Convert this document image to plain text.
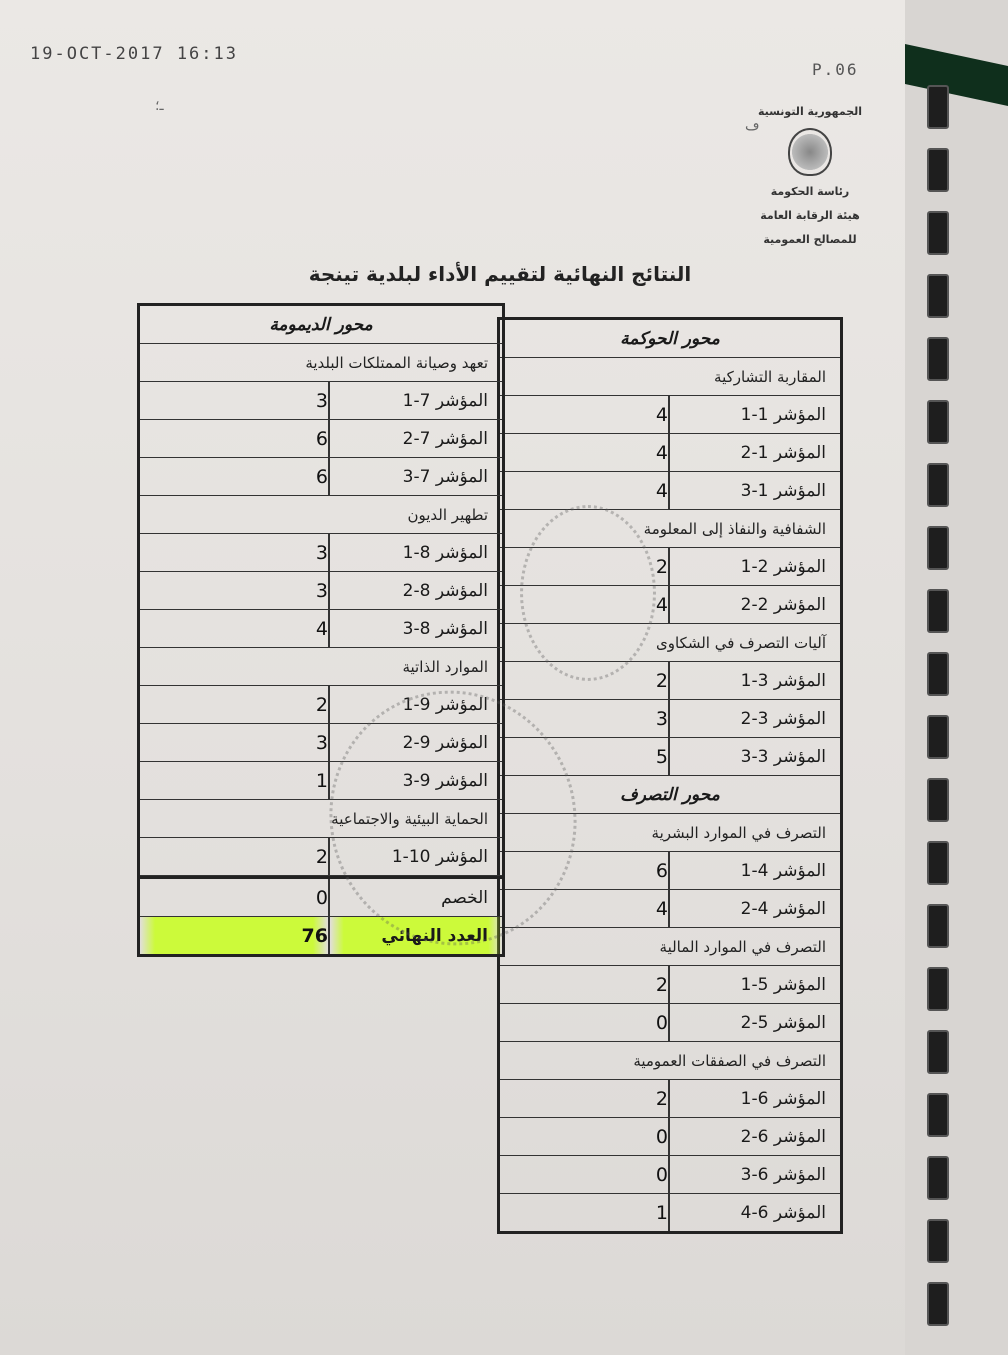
19-OCT-2017 16:13
P.06
ـ؛
ڡ
الجمهورية التونسية
رئاسة الحكومة
هيئة الرقابة العامة
للمصالح العمومية
النتائج النهائية لتقييم الأداء لبلدية تينجة
محور الحوكمة
المقاربة التشاركية
المؤشر 1-1
4
المؤشر 1-2
4
المؤشر 1-3
4
الشفافية والنفاذ إلى المعلومة
المؤشر 2-1
2
المؤشر 2-2
4
آليات التصرف في الشكاوى
المؤشر 3-1
2
المؤشر 3-2
3
المؤشر 3-3
5
محور التصرف
التصرف في الموارد البشرية
المؤشر 4-1
6
المؤشر 4-2
4
التصرف في الموارد المالية
المؤشر 5-1
2
المؤشر 5-2
0
التصرف في الصفقات العمومية
المؤشر 6-1
2
المؤشر 6-2
0
المؤشر 6-3
0
المؤشر 6-4
1
محور الديمومة
تعهد وصيانة الممتلكات البلدية
المؤشر 7-1
3
المؤشر 7-2
6
المؤشر 7-3
6
تطهير الديون
المؤشر 8-1
3
المؤشر 8-2
3
المؤشر 8-3
4
الموارد الذاتية
المؤشر 9-1
2
المؤشر 9-2
3
المؤشر 9-3
1
الحماية البيئية والاجتماعية
المؤشر 10-1
2
الخصم
0
العدد النهائي
76
